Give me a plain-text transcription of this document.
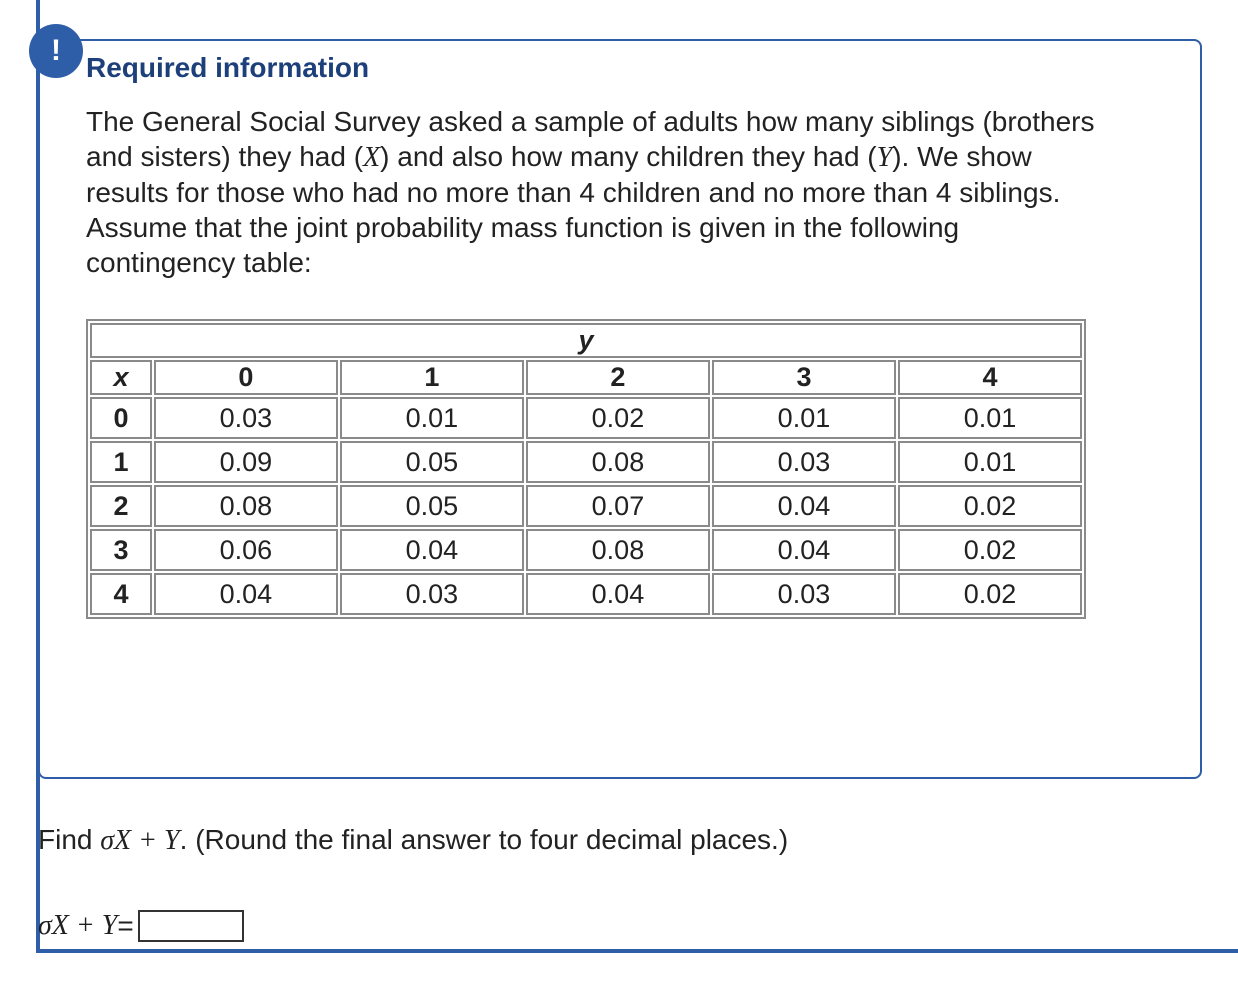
!
Required information

The General Social Survey asked a sample of adults how many siblings (brothers and sisters) they had (X) and also how many children they had (Y). We show results for those who had no more than 4 children and no more than 4 siblings. Assume that the joint probability mass function is given in the following contingency table:

y					
x	0	1	2	3	4
0	0.03	0.01	0.02	0.01	0.01
1	0.09	0.05	0.08	0.03	0.01
2	0.08	0.05	0.07	0.04	0.02
3	0.06	0.04	0.08	0.04	0.02
4	0.04	0.03	0.04	0.03	0.02

Find σX + Y. (Round the final answer to four decimal places.)

σX + Y =
